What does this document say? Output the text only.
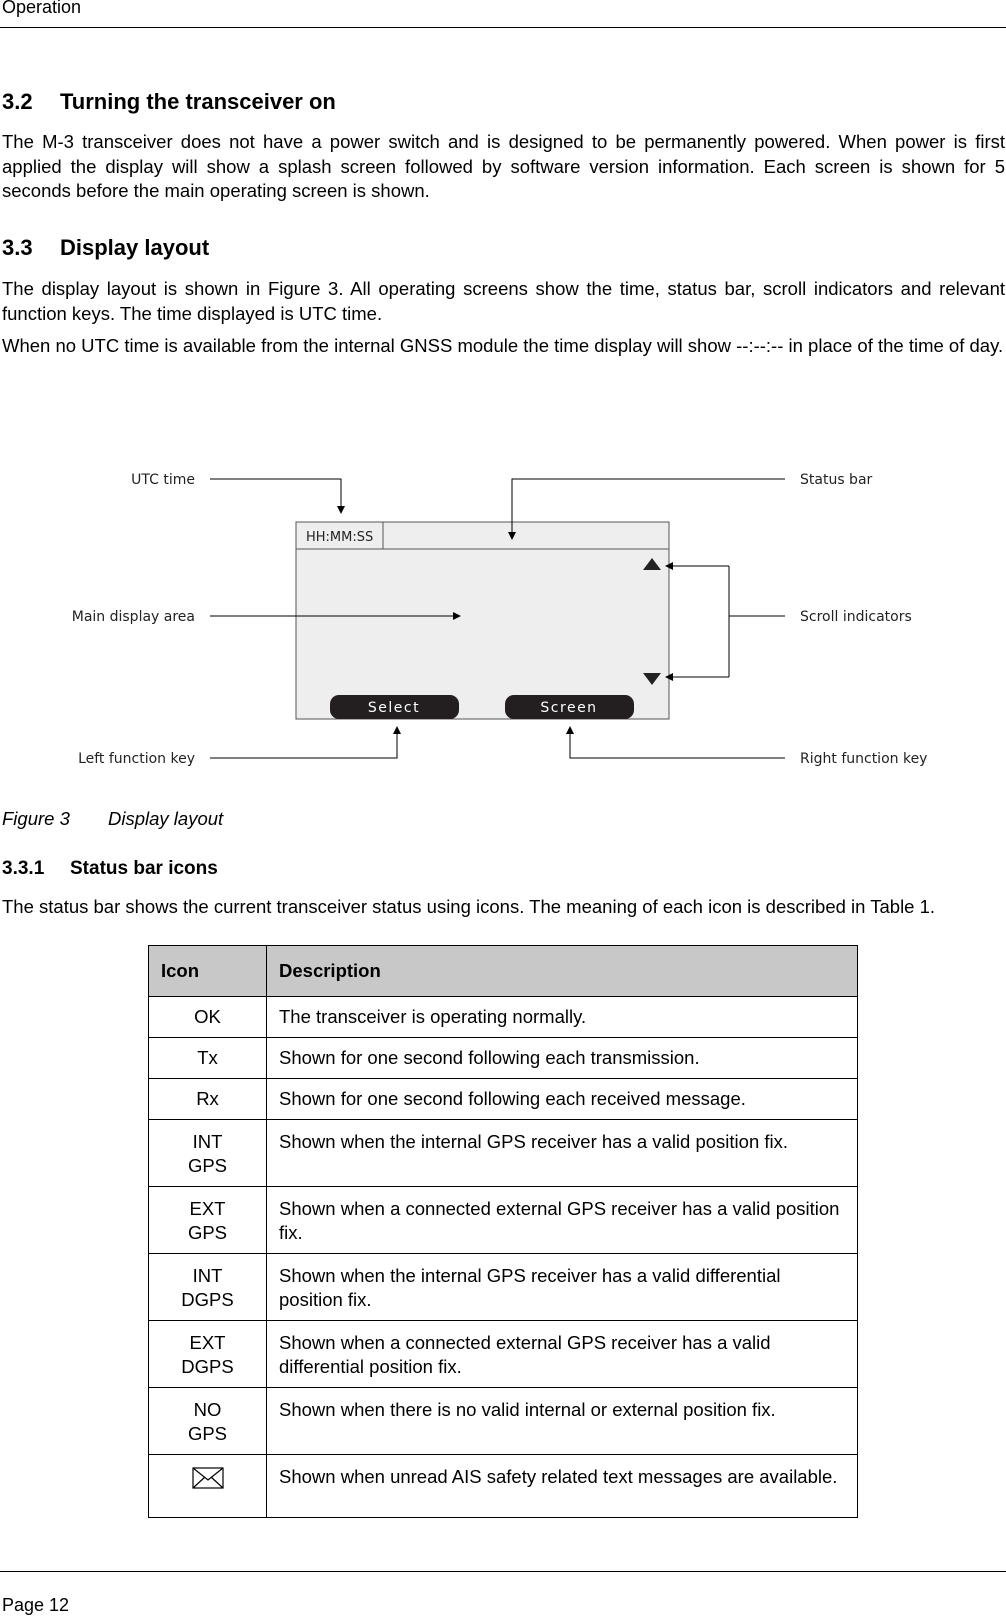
Operation
3.2 Turning the transceiver on

The M-3 transceiver does not have a power switch and is designed to be permanently powered. When power is first applied the display will show a splash screen followed by software version information. Each screen is shown for 5 seconds before the main operating screen is shown.

3.3 Display layout

The display layout is shown in Figure 3. All operating screens show the time, status bar, scroll indicators and relevant function keys. The time displayed is UTC time.

When no UTC time is available from the internal GNSS module the time display will show --:--:-- in place of the time of day.

HH:MM:SS
Select	Screen
UTC time	Status bar
Main display area	Scroll indicators
Left function key	Right function key
Figure 3 Display layout
3.3.1 Status bar icons

The status bar shows the current transceiver status using icons. The meaning of each icon is described in Table 1.

Icon	Description
OK	The transceiver is operating normally.
Tx	Shown for one second following each transmission.
Rx	Shown for one second following each received message.
INT
GPS	Shown when the internal GPS receiver has a valid position fix.
EXT
GPS	Shown when a connected external GPS receiver has a valid position fix.
INT
DGPS	Shown when the internal GPS receiver has a valid differential position fix.
EXT
DGPS	Shown when a connected external GPS receiver has a valid differential position fix.
NO
GPS	Shown when there is no valid internal or external position fix.
	Shown when unread AIS safety related text messages are available.
Page 12
